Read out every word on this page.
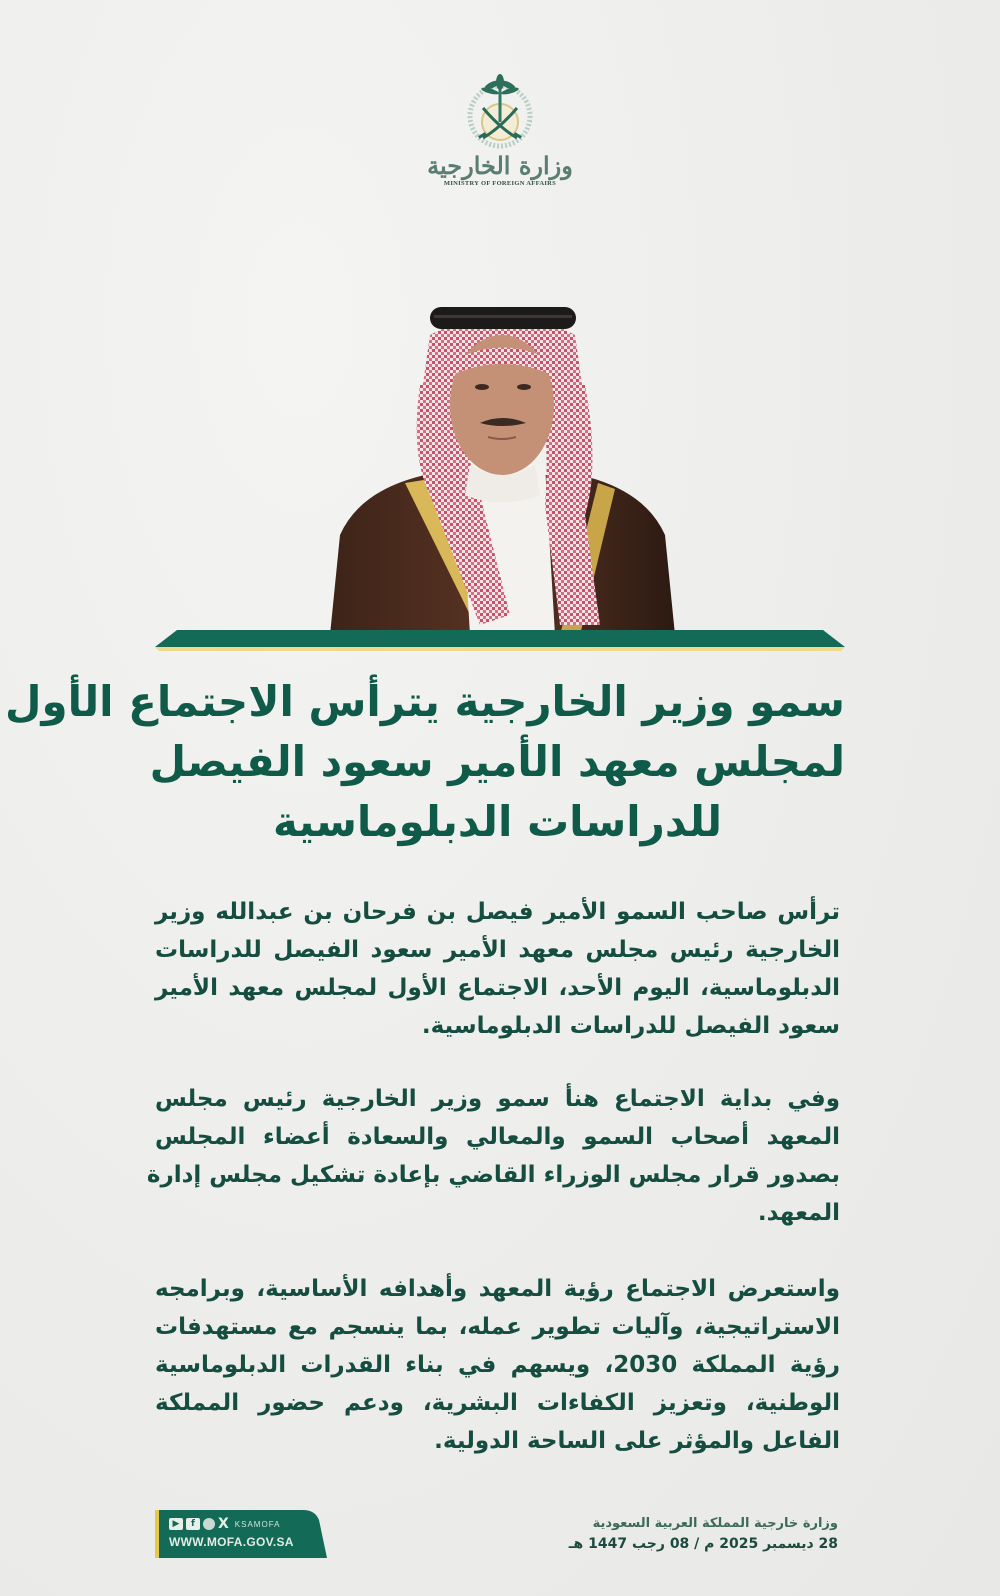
وزارة الخارجية
MINISTRY OF FOREIGN AFFAIRS
سمو وزير الخارجية يترأس الاجتماع الأول
لمجلس معهد الأمير سعود الفيصل
للدراسات الدبلوماسية
ترأس صاحب السمو الأمير فيصل بن فرحان بن عبدالله وزير
الخارجية رئيس مجلس معهد الأمير سعود الفيصل للدراسات
الدبلوماسية، اليوم الأحد، الاجتماع الأول لمجلس معهد الأمير
سعود الفيصل للدراسات الدبلوماسية.
وفي بداية الاجتماع هنأ سمو وزير الخارجية رئيس مجلس
المعهد أصحاب السمو والمعالي والسعادة أعضاء المجلس
بصدور قرار مجلس الوزراء القاضي بإعادة تشكيل مجلس إدارة
المعهد.
واستعرض الاجتماع رؤية المعهد وأهدافه الأساسية، وبرامجه
الاستراتيجية، وآليات تطوير عمله، بما ينسجم مع مستهدفات
رؤية المملكة 2030، ويسهم في بناء القدرات الدبلوماسية
الوطنية، وتعزيز الكفاءات البشرية، ودعم حضور المملكة
الفاعل والمؤثر على الساحة الدولية.
▶	f	X KSAMOFA
WWW.MOFA.GOV.SA
وزارة خارجية المملكة العربية السعودية
28 ديسمبر 2025 م / 08 رجب 1447 هـ
